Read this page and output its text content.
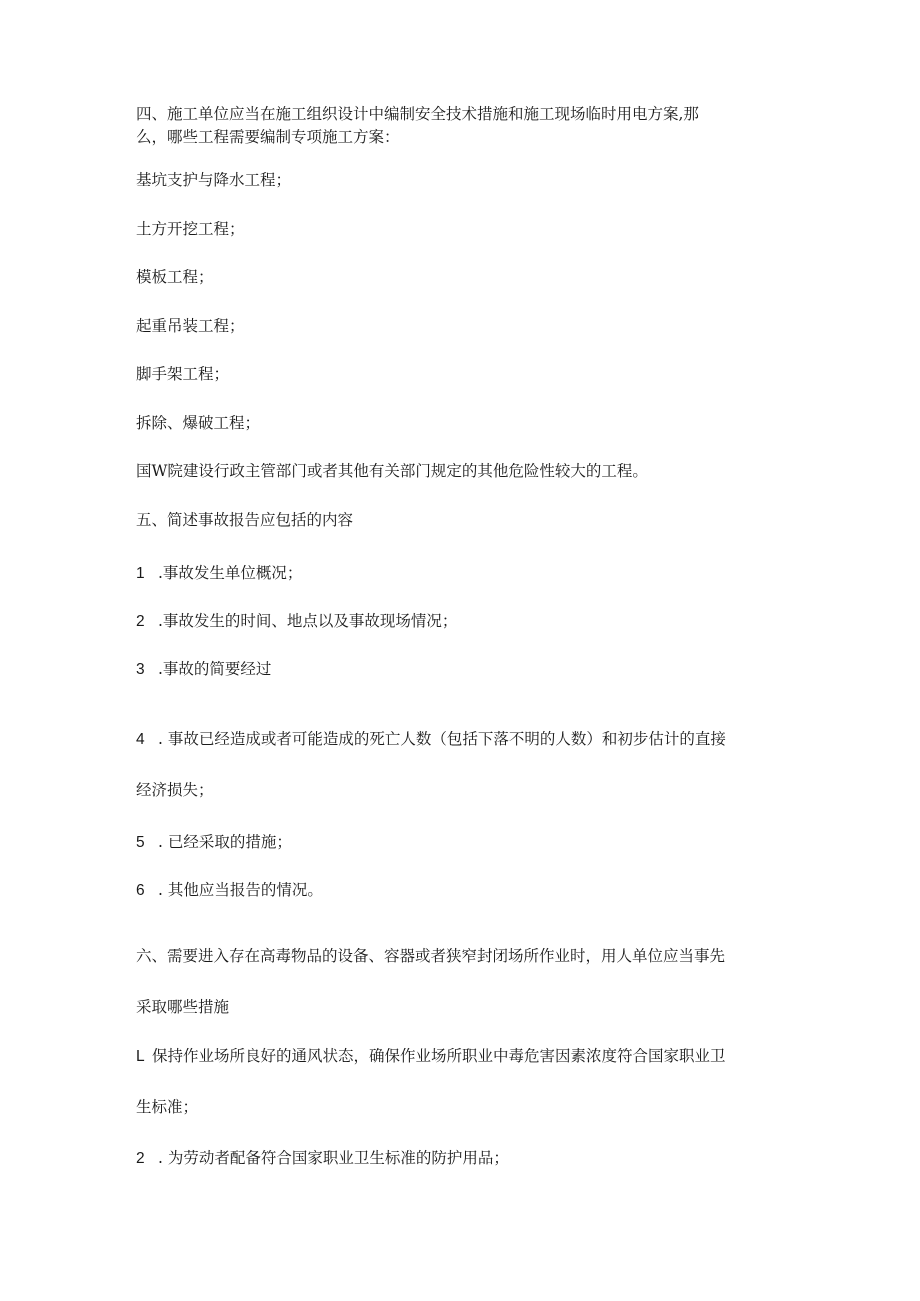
四、施工单位应当在施工组织设计中编制安全技术措施和施工现场临时用电方案,那

么，哪些工程需要编制专项施工方案：

基坑支护与降水工程；

土方开挖工程；

模板工程；

起重吊装工程；

脚手架工程；

拆除、爆破工程；

国W院建设行政主管部门或者其他有关部门规定的其他危险性较大的工程。

五、简述事故报告应包括的内容

1 .事故发生单位概况；

2 .事故发生的时间、地点以及事故现场情况；

3 .事故的简要经过

4 . 事故已经造成或者可能造成的死亡人数（包括下落不明的人数）和初步估计的直接

经济损失；

5 . 已经采取的措施；

6 . 其他应当报告的情况。

六、需要进入存在高毒物品的设备、容器或者狭窄封闭场所作业时，用人单位应当事先

采取哪些措施

L 保持作业场所良好的通风状态，确保作业场所职业中毒危害因素浓度符合国家职业卫

生标准；

2 . 为劳动者配备符合国家职业卫生标准的防护用品；
